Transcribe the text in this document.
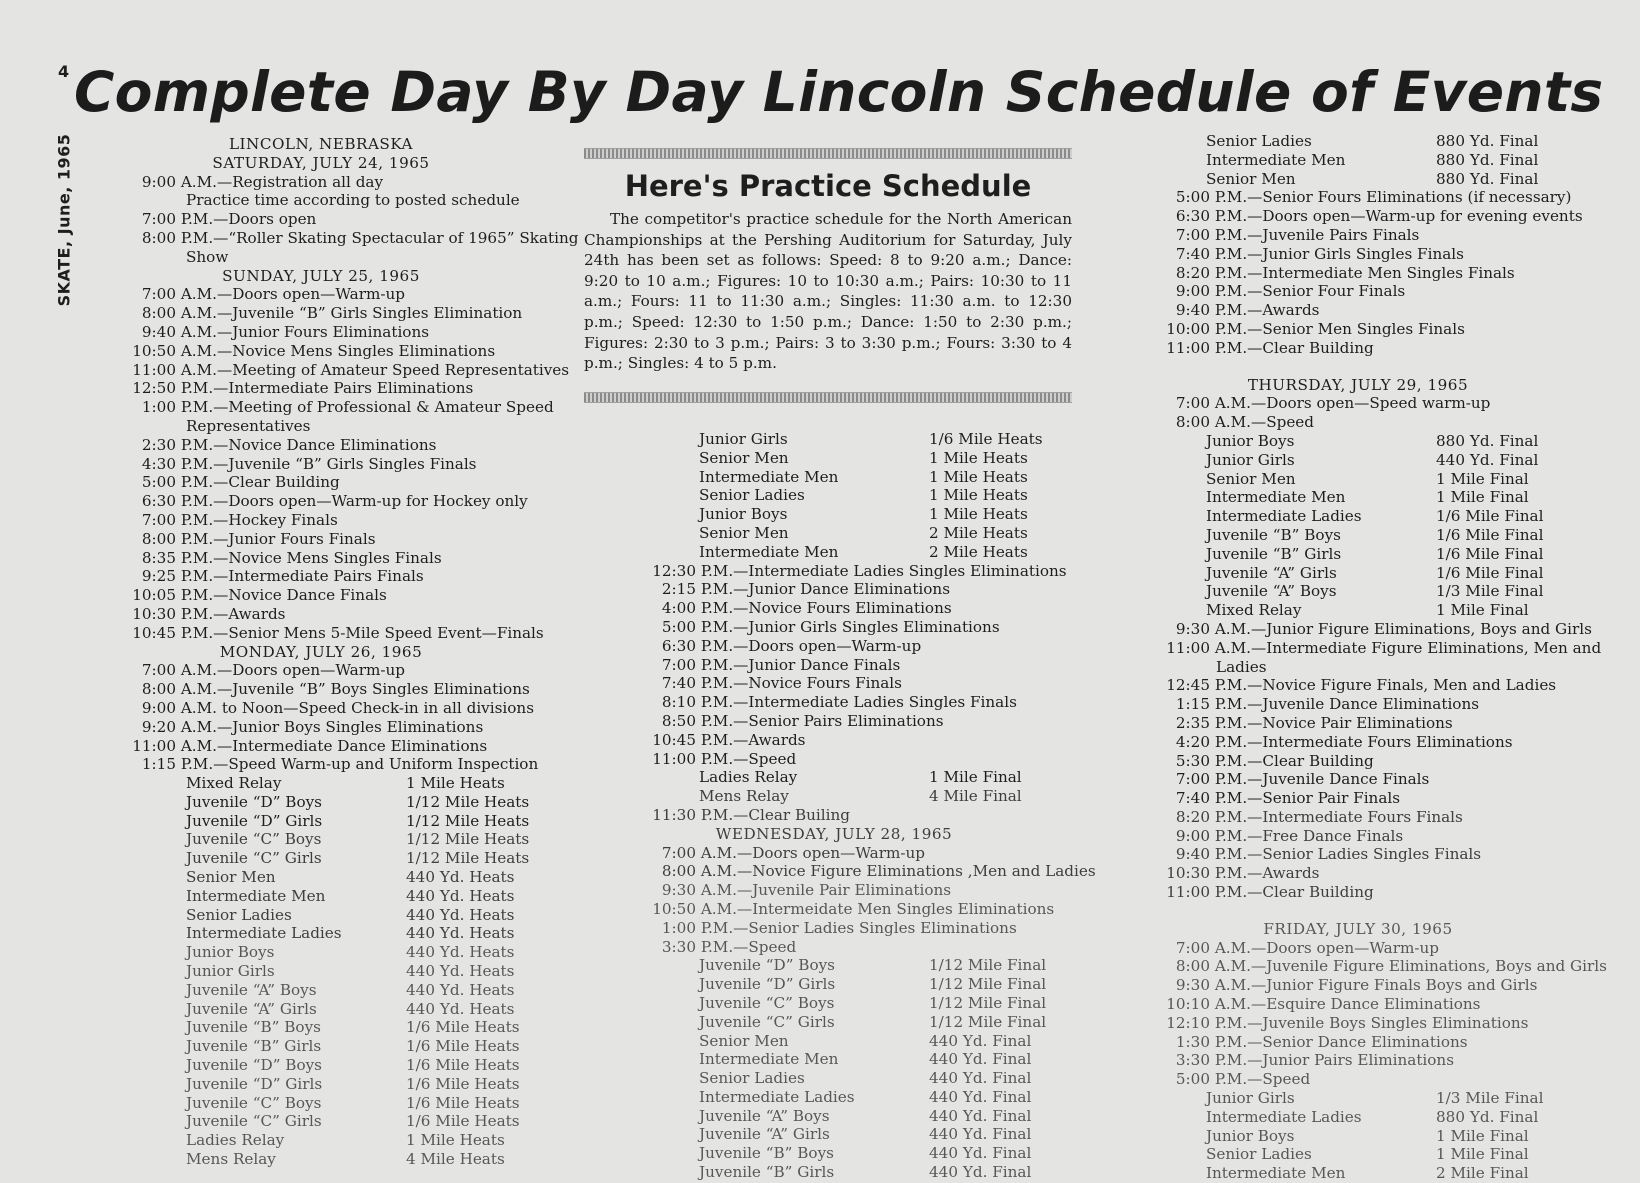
4
SKATE, June, 1965
Complete Day By Day Lincoln Schedule of Events
LINCOLN, NEBRASKA
SATURDAY, JULY 24, 1965
9:00 A.M.—Registration all day
Practice time according to posted schedule
7:00 P.M.—Doors open
8:00 P.M.—“Roller Skating Spectacular of 1965” Skating
Show
SUNDAY, JULY 25, 1965
7:00 A.M.—Doors open—Warm-up
8:00 A.M.—Juvenile “B” Girls Singles Elimination
9:40 A.M.—Junior Fours Eliminations
10:50 A.M.—Novice Mens Singles Eliminations
11:00 A.M.—Meeting of Amateur Speed Representatives
12:50 P.M.—Intermediate Pairs Eliminations
1:00 P.M.—Meeting of Professional & Amateur Speed
Representatives
2:30 P.M.—Novice Dance Eliminations
4:30 P.M.—Juvenile “B” Girls Singles Finals
5:00 P.M.—Clear Building
6:30 P.M.—Doors open—Warm-up for Hockey only
7:00 P.M.—Hockey Finals
8:00 P.M.—Junior Fours Finals
8:35 P.M.—Novice Mens Singles Finals
9:25 P.M.—Intermediate Pairs Finals
10:05 P.M.—Novice Dance Finals
10:30 P.M.—Awards
10:45 P.M.—Senior Mens 5-Mile Speed Event—Finals
MONDAY, JULY 26, 1965
7:00 A.M.—Doors open—Warm-up
8:00 A.M.—Juvenile “B” Boys Singles Eliminations
9:00 A.M. to Noon—Speed Check-in in all divisions
9:20 A.M.—Junior Boys Singles Eliminations
11:00 A.M.—Intermediate Dance Eliminations
1:15 P.M.—Speed Warm-up and Uniform Inspection
Mixed Relay	1 Mile Heats
Juvenile “D” Boys	1/12 Mile Heats
Juvenile “D” Girls	1/12 Mile Heats
Juvenile “C” Boys	1/12 Mile Heats
Juvenile “C” Girls	1/12 Mile Heats
Senior Men	440 Yd. Heats
Intermediate Men	440 Yd. Heats
Senior Ladies	440 Yd. Heats
Intermediate Ladies	440 Yd. Heats
Junior Boys	440 Yd. Heats
Junior Girls	440 Yd. Heats
Juvenile “A” Boys	440 Yd. Heats
Juvenile “A” Girls	440 Yd. Heats
Juvenile “B” Boys	1/6 Mile Heats
Juvenile “B” Girls	1/6 Mile Heats
Juvenile “D” Boys	1/6 Mile Heats
Juvenile “D” Girls	1/6 Mile Heats
Juvenile “C” Boys	1/6 Mile Heats
Juvenile “C” Girls	1/6 Mile Heats
Ladies Relay	1 Mile Heats
Mens Relay	4 Mile Heats
Here's Practice Schedule
The competitor's practice schedule for the North American Championships at the Pershing Auditorium for Saturday, July 24th has been set as follows: Speed: 8 to 9:20 a.m.; Dance: 9:20 to 10 a.m.; Figures: 10 to 10:30 a.m.; Pairs: 10:30 to 11 a.m.; Fours: 11 to 11:30 a.m.; Singles: 11:30 a.m. to 12:30 p.m.; Speed: 12:30 to 1:50 p.m.; Dance: 1:50 to 2:30 p.m.; Figures: 2:30 to 3 p.m.; Pairs: 3 to 3:30 p.m.; Fours: 3:30 to 4 p.m.; Singles: 4 to 5 p.m.
Junior Girls	1/6 Mile Heats
Senior Men	1 Mile Heats
Intermediate Men	1 Mile Heats
Senior Ladies	1 Mile Heats
Junior Boys	1 Mile Heats
Senior Men	2 Mile Heats
Intermediate Men	2 Mile Heats
12:30 P.M.—Intermediate Ladies Singles Eliminations
2:15 P.M.—Junior Dance Eliminations
4:00 P.M.—Novice Fours Eliminations
5:00 P.M.—Junior Girls Singles Eliminations
6:30 P.M.—Doors open—Warm-up
7:00 P.M.—Junior Dance Finals
7:40 P.M.—Novice Fours Finals
8:10 P.M.—Intermediate Ladies Singles Finals
8:50 P.M.—Senior Pairs Eliminations
10:45 P.M.—Awards
11:00 P.M.—Speed
Ladies Relay	1 Mile Final
Mens Relay	4 Mile Final
11:30 P.M.—Clear Builing
WEDNESDAY, JULY 28, 1965
7:00 A.M.—Doors open—Warm-up
8:00 A.M.—Novice Figure Eliminations ,Men and Ladies
9:30 A.M.—Juvenile Pair Eliminations
10:50 A.M.—Intermeidate Men Singles Eliminations
1:00 P.M.—Senior Ladies Singles Eliminations
3:30 P.M.—Speed
Juvenile “D” Boys	1/12 Mile Final
Juvenile “D” Girls	1/12 Mile Final
Juvenile “C” Boys	1/12 Mile Final
Juvenile “C” Girls	1/12 Mile Final
Senior Men	440 Yd. Final
Intermediate Men	440 Yd. Final
Senior Ladies	440 Yd. Final
Intermediate Ladies	440 Yd. Final
Juvenile “A” Boys	440 Yd. Final
Juvenile “A” Girls	440 Yd. Final
Juvenile “B” Boys	440 Yd. Final
Juvenile “B” Girls	440 Yd. Final
Senior Ladies	880 Yd. Final
Intermediate Men	880 Yd. Final
Senior Men	880 Yd. Final
5:00 P.M.—Senior Fours Eliminations (if necessary)
6:30 P.M.—Doors open—Warm-up for evening events
7:00 P.M.—Juvenile Pairs Finals
7:40 P.M.—Junior Girls Singles Finals
8:20 P.M.—Intermediate Men Singles Finals
9:00 P.M.—Senior Four Finals
9:40 P.M.—Awards
10:00 P.M.—Senior Men Singles Finals
11:00 P.M.—Clear Building
THURSDAY, JULY 29, 1965
7:00 A.M.—Doors open—Speed warm-up
8:00 A.M.—Speed
Junior Boys	880 Yd. Final
Junior Girls	440 Yd. Final
Senior Men	1 Mile Final
Intermediate Men	1 Mile Final
Intermediate Ladies	1/6 Mile Final
Juvenile “B” Boys	1/6 Mile Final
Juvenile “B” Girls	1/6 Mile Final
Juvenile “A” Girls	1/6 Mile Final
Juvenile “A” Boys	1/3 Mile Final
Mixed Relay	1 Mile Final
9:30 A.M.—Junior Figure Eliminations, Boys and Girls
11:00 A.M.—Intermediate Figure Eliminations, Men and
Ladies
12:45 P.M.—Novice Figure Finals, Men and Ladies
1:15 P.M.—Juvenile Dance Eliminations
2:35 P.M.—Novice Pair Eliminations
4:20 P.M.—Intermediate Fours Eliminations
5:30 P.M.—Clear Building
7:00 P.M.—Juvenile Dance Finals
7:40 P.M.—Senior Pair Finals
8:20 P.M.—Intermediate Fours Finals
9:00 P.M.—Free Dance Finals
9:40 P.M.—Senior Ladies Singles Finals
10:30 P.M.—Awards
11:00 P.M.—Clear Building
FRIDAY, JULY 30, 1965
7:00 A.M.—Doors open—Warm-up
8:00 A.M.—Juvenile Figure Eliminations, Boys and Girls
9:30 A.M.—Junior Figure Finals Boys and Girls
10:10 A.M.—Esquire Dance Eliminations
12:10 P.M.—Juvenile Boys Singles Eliminations
1:30 P.M.—Senior Dance Eliminations
3:30 P.M.—Junior Pairs Eliminations
5:00 P.M.—Speed
Junior Girls	1/3 Mile Final
Intermediate Ladies	880 Yd. Final
Junior Boys	1 Mile Final
Senior Ladies	1 Mile Final
Intermediate Men	2 Mile Final
